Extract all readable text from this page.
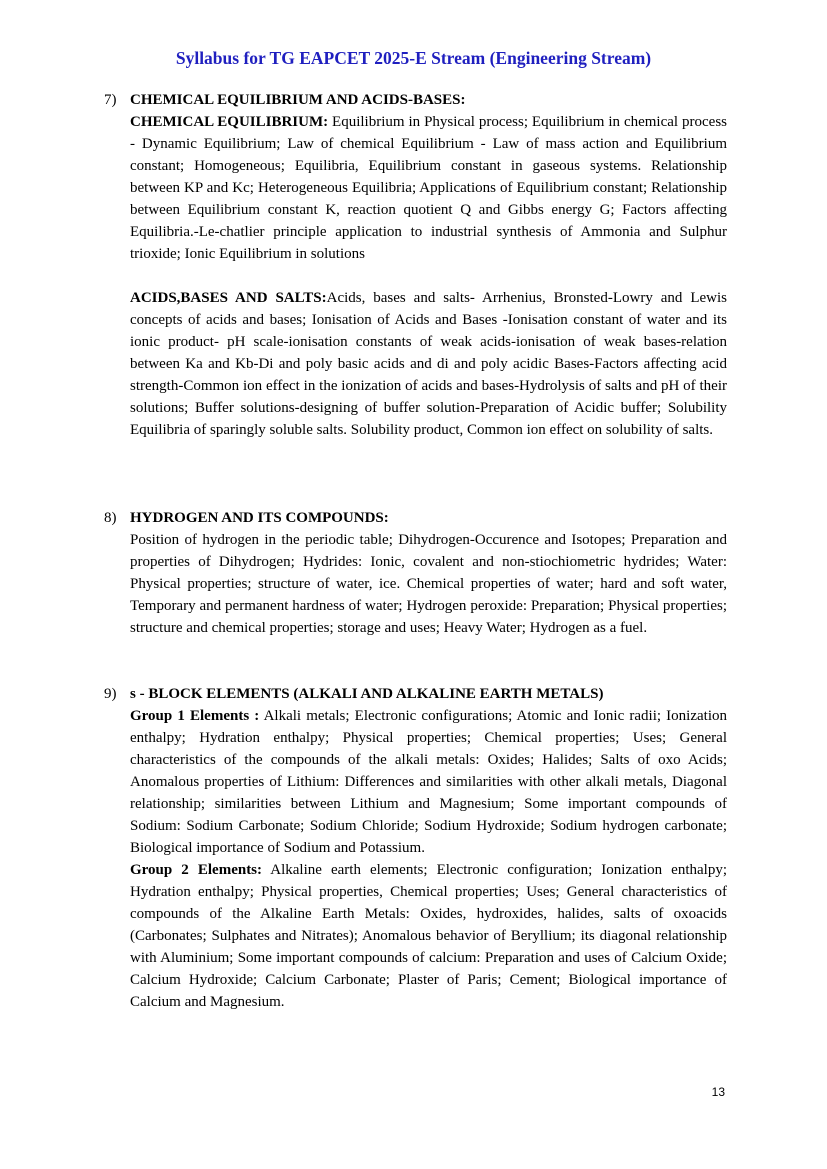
Syllabus for TG EAPCET 2025-E Stream (Engineering Stream)
7) CHEMICAL EQUILIBRIUM AND ACIDS-BASES:

CHEMICAL EQUILIBRIUM: Equilibrium in Physical process; Equilibrium in chemical process - Dynamic Equilibrium; Law of chemical Equilibrium - Law of mass action and Equilibrium constant; Homogeneous; Equilibria, Equilibrium constant in gaseous systems. Relationship between KP and Kc; Heterogeneous Equilibria; Applications of Equilibrium constant; Relationship between Equilibrium constant K, reaction quotient Q and Gibbs energy G; Factors affecting Equilibria.-Le-chatlier principle application to industrial synthesis of Ammonia and Sulphur trioxide; Ionic Equilibrium in solutions

ACIDS,BASES AND SALTS:Acids, bases and salts- Arrhenius, Bronsted-Lowry and Lewis concepts of acids and bases; Ionisation of Acids and Bases -Ionisation constant of water and its ionic product- pH scale-ionisation constants of weak acids-ionisation of weak bases-relation between Ka and Kb-Di and poly basic acids and di and poly acidic Bases-Factors affecting acid strength-Common ion effect in the ionization of acids and bases-Hydrolysis of salts and pH of their solutions; Buffer solutions-designing of buffer solution-Preparation of Acidic buffer; Solubility Equilibria of sparingly soluble salts. Solubility product, Common ion effect on solubility of salts.

8) HYDROGEN AND ITS COMPOUNDS:

Position of hydrogen in the periodic table; Dihydrogen-Occurence and Isotopes; Preparation and properties of Dihydrogen; Hydrides: Ionic, covalent and non-stiochiometric hydrides; Water: Physical properties; structure of water, ice. Chemical properties of water; hard and soft water, Temporary and permanent hardness of water; Hydrogen peroxide: Preparation; Physical properties; structure and chemical properties; storage and uses; Heavy Water; Hydrogen as a fuel.

9) s - BLOCK ELEMENTS (ALKALI AND ALKALINE EARTH METALS)

Group 1 Elements : Alkali metals; Electronic configurations; Atomic and Ionic radii; Ionization enthalpy; Hydration enthalpy; Physical properties; Chemical properties; Uses; General characteristics of the compounds of the alkali metals: Oxides; Halides; Salts of oxo Acids; Anomalous properties of Lithium: Differences and similarities with other alkali metals, Diagonal relationship; similarities between Lithium and Magnesium; Some important compounds of Sodium: Sodium Carbonate; Sodium Chloride; Sodium Hydroxide; Sodium hydrogen carbonate; Biological importance of Sodium and Potassium.

Group 2 Elements: Alkaline earth elements; Electronic configuration; Ionization enthalpy; Hydration enthalpy; Physical properties, Chemical properties; Uses; General characteristics of compounds of the Alkaline Earth Metals: Oxides, hydroxides, halides, salts of oxoacids (Carbonates; Sulphates and Nitrates); Anomalous behavior of Beryllium; its diagonal relationship with Aluminium; Some important compounds of calcium: Preparation and uses of Calcium Oxide; Calcium Hydroxide; Calcium Carbonate; Plaster of Paris; Cement; Biological importance of Calcium and Magnesium.

13
